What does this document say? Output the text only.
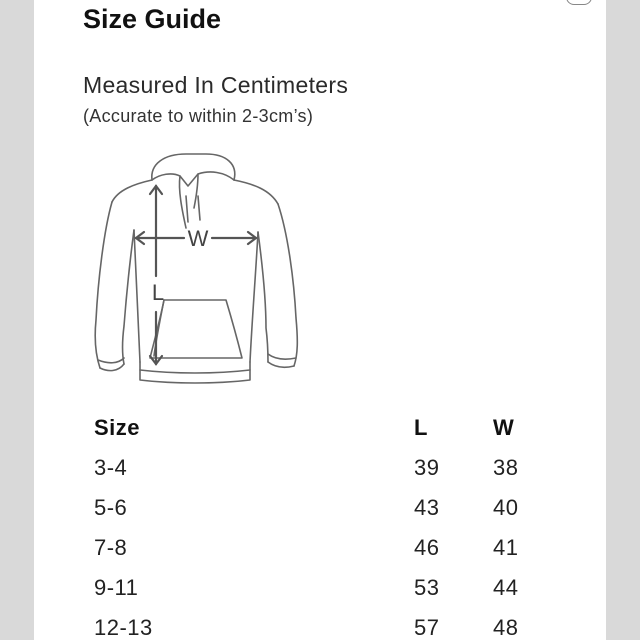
Size Guide
Measured In Centimeters
(Accurate to within 2-3cm’s)
W
L
Size	L	W
3-4	39 38
5-6	43 40
7-8	46 41
9-11	53 44
12-13	57 48
